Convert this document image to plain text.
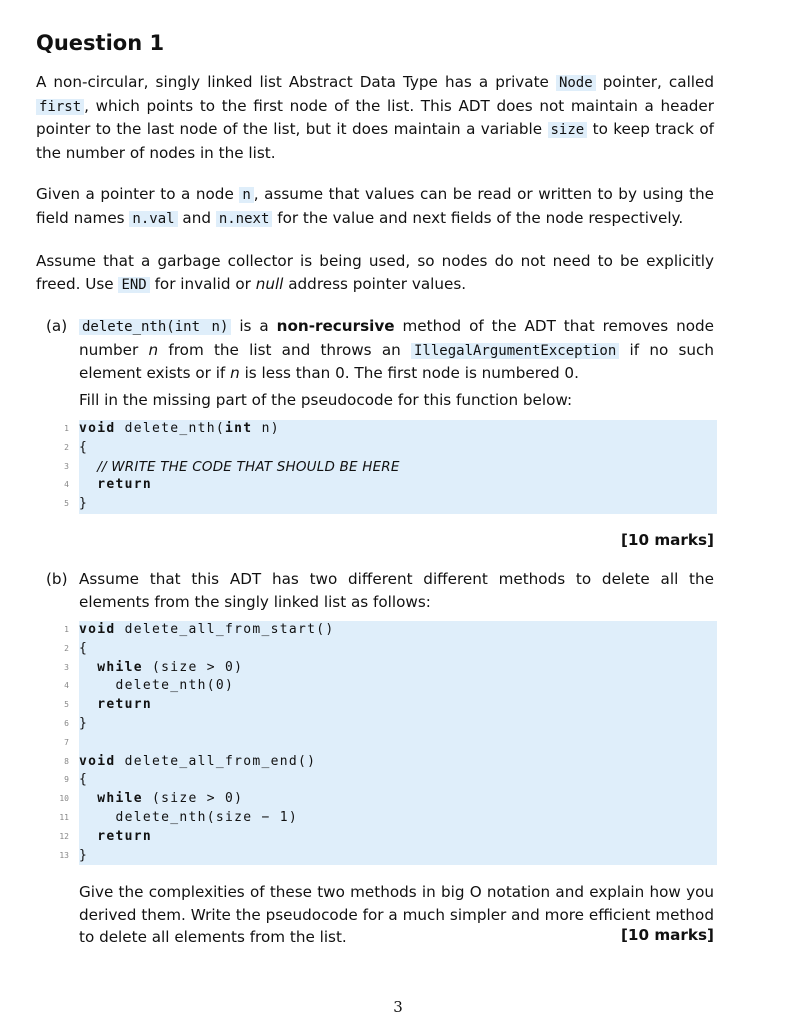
Question 1

A non-circular, singly linked list Abstract Data Type has a private Node pointer, called first , which points to the first node of the list. This ADT does not maintain a header pointer to the last node of the list, but it does maintain a variable size to keep track of the number of nodes in the list.

Given a pointer to a node n , assume that values can be read or written to by using the field names n.val and n.next for the value and next fields of the node respectively.

Assume that a garbage collector is being used, so nodes do not need to be explicitly freed. Use END for invalid or null address pointer values.

(a) delete_nth(int n) is a non-recursive method of the ADT that removes node number n from the list and throws an IllegalArgumentException if no such element exists or if n is less than 0. The first node is numbered 0.

Fill in the missing part of the pseudocode for this function below:

1 void delete_nth(int n)
2 {
3 // WRITE THE CODE THAT SHOULD BE HERE
4 return
5 }
[10 marks]
(b) Assume that this ADT has two different different methods to delete all the elements from the singly linked list as follows:

1 void delete_all_from_start()
2 {
3 while (size > 0)
4	delete_nth(0)
5 return
6 }
7
8 void delete_all_from_end()
9 {
10 while (size > 0)
11	delete_nth(size − 1)
12 return
13 }

Give the complexities of these two methods in big O notation and explain how you derived them. Write the pseudocode for a much simpler and more efficient method to delete all elements from the list.	[10 marks]
3
